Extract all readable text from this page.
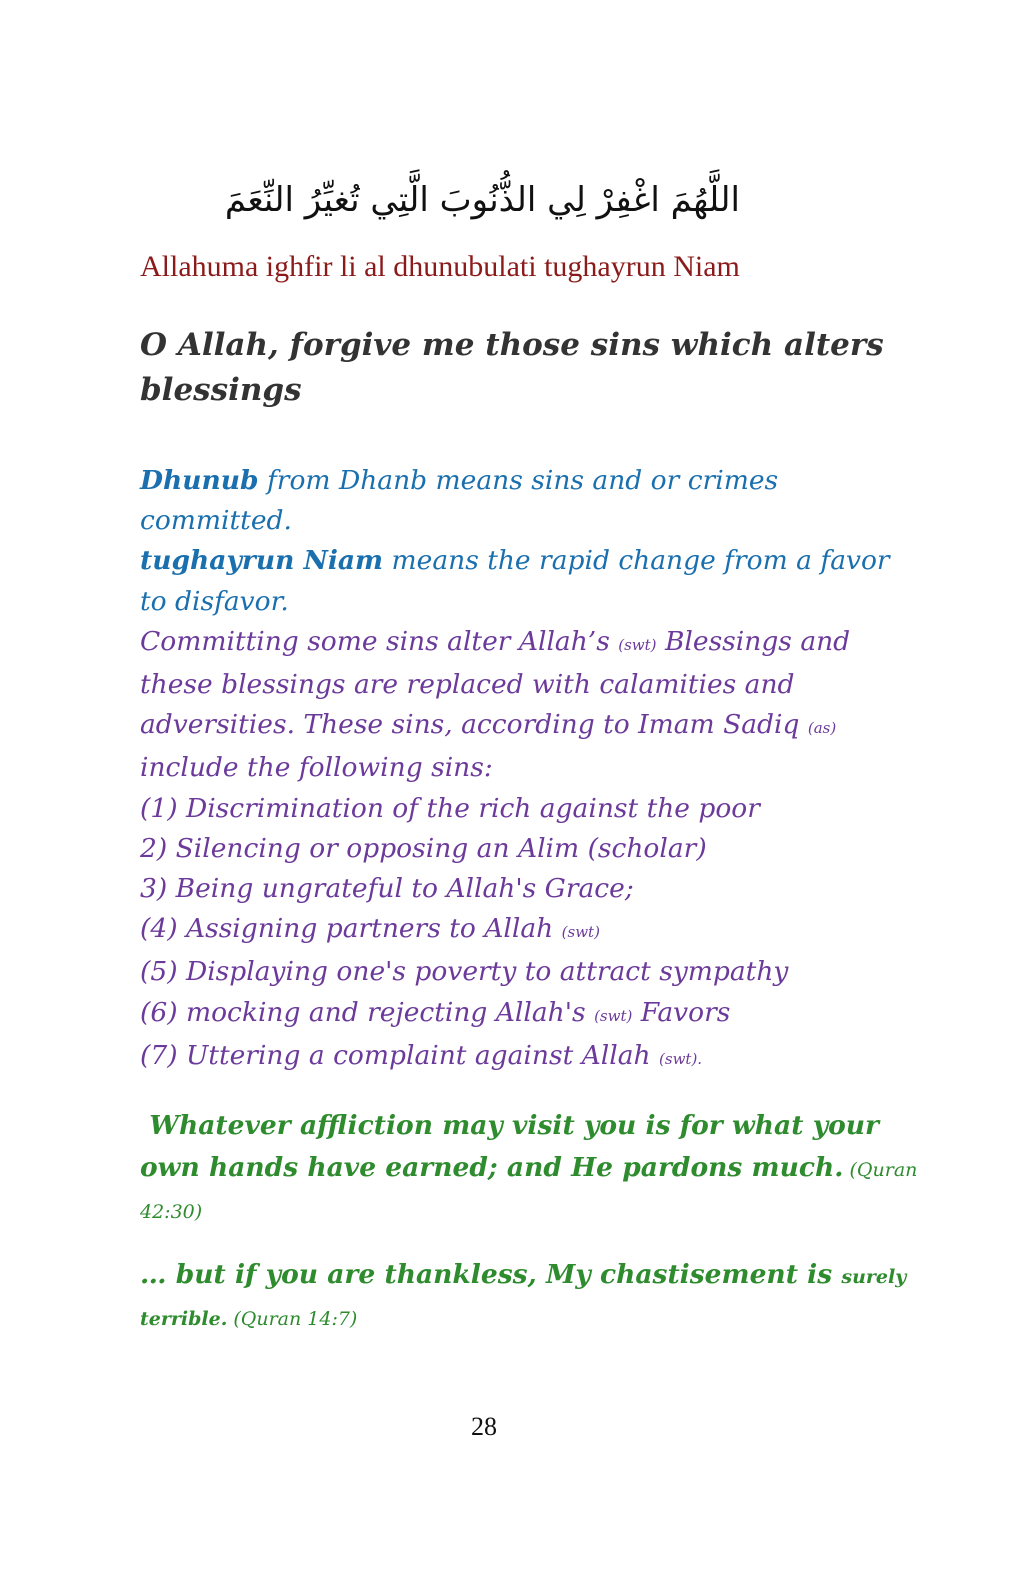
اللَّهُمَ اغْفِرْ لِي الذُّنُوبَ الَّتِي تُغيِّرُ النِّعَمَ
Allahuma ighfir li al dhunubulati tughayrun Niam
O Allah, forgive me those sins which alters
blessings
Dhunub from Dhanb means sins and or crimes
committed.
tughayrun Niam means the rapid change from a favor
to disfavor.
Committing some sins alter Allah’s (swt) Blessings and
these blessings are replaced with calamities and
adversities. These sins, according to Imam Sadiq (as)
include the following sins:
(1) Discrimination of the rich against the poor
2) Silencing or opposing an Alim (scholar)
3) Being ungrateful to Allah's Grace;
(4) Assigning partners to Allah (swt)
(5) Displaying one's poverty to attract sympathy
(6) mocking and rejecting Allah's (swt) Favors
(7) Uttering a complaint against Allah (swt).
Whatever affliction may visit you is for what your
own hands have earned; and He pardons much. (Quran
42:30)
… but if you are thankless, My chastisement is surely
terrible. (Quran 14:7)
28
